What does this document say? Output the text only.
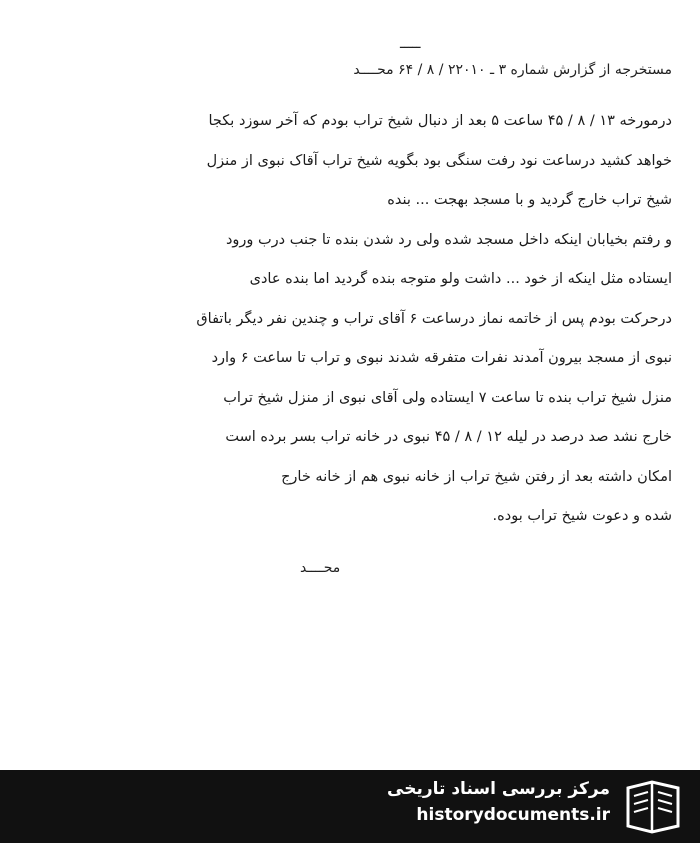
ـــــ
مستخرجه از گزارش شماره ۳ ـ ۲۲۰۱۰ / ۸ / ۶۴ محــــد
درمورخه ۱۳ / ۸ / ۴۵ ساعت ۵ بعد از دنبال شیخ تراب بودم که آخر سوزد بکجا
خواهد کشید درساعت نود رفت سنگی بود بگویه شیخ تراب آقاک نبوی از منزل
شیخ تراب خارج گردید و با مسجد بهجت ... بنده
و رفتم بخیابان اینکه داخل مسجد شده ولی رد شدن بنده تا جنب درب ورود
ایستاده مثل اینکه از خود ... داشت ولو متوجه بنده گردید اما بنده عادی
درحرکت بودم پس از خاتمه نماز درساعت ۶ آقای تراب و چندین نفر دیگر باتفاق
نبوی از مسجد بیرون آمدند نفرات متفرقه شدند نبوی و تراب تا ساعت ۶ وارد
منزل شیخ تراب بنده تا ساعت ۷ ایستاده ولی آقای نبوی از منزل شیخ تراب
خارج نشد صد درصد در لیله ۱۲ / ۸ / ۴۵ نبوی در خانه تراب بسر برده است
امکان داشته بعد از رفتن شیخ تراب از خانه نبوی هم از خانه خارج
شده و دعوت شیخ تراب بوده.
محــــد
مرکز بررسی اسناد تاریخی
historydocuments.ir
